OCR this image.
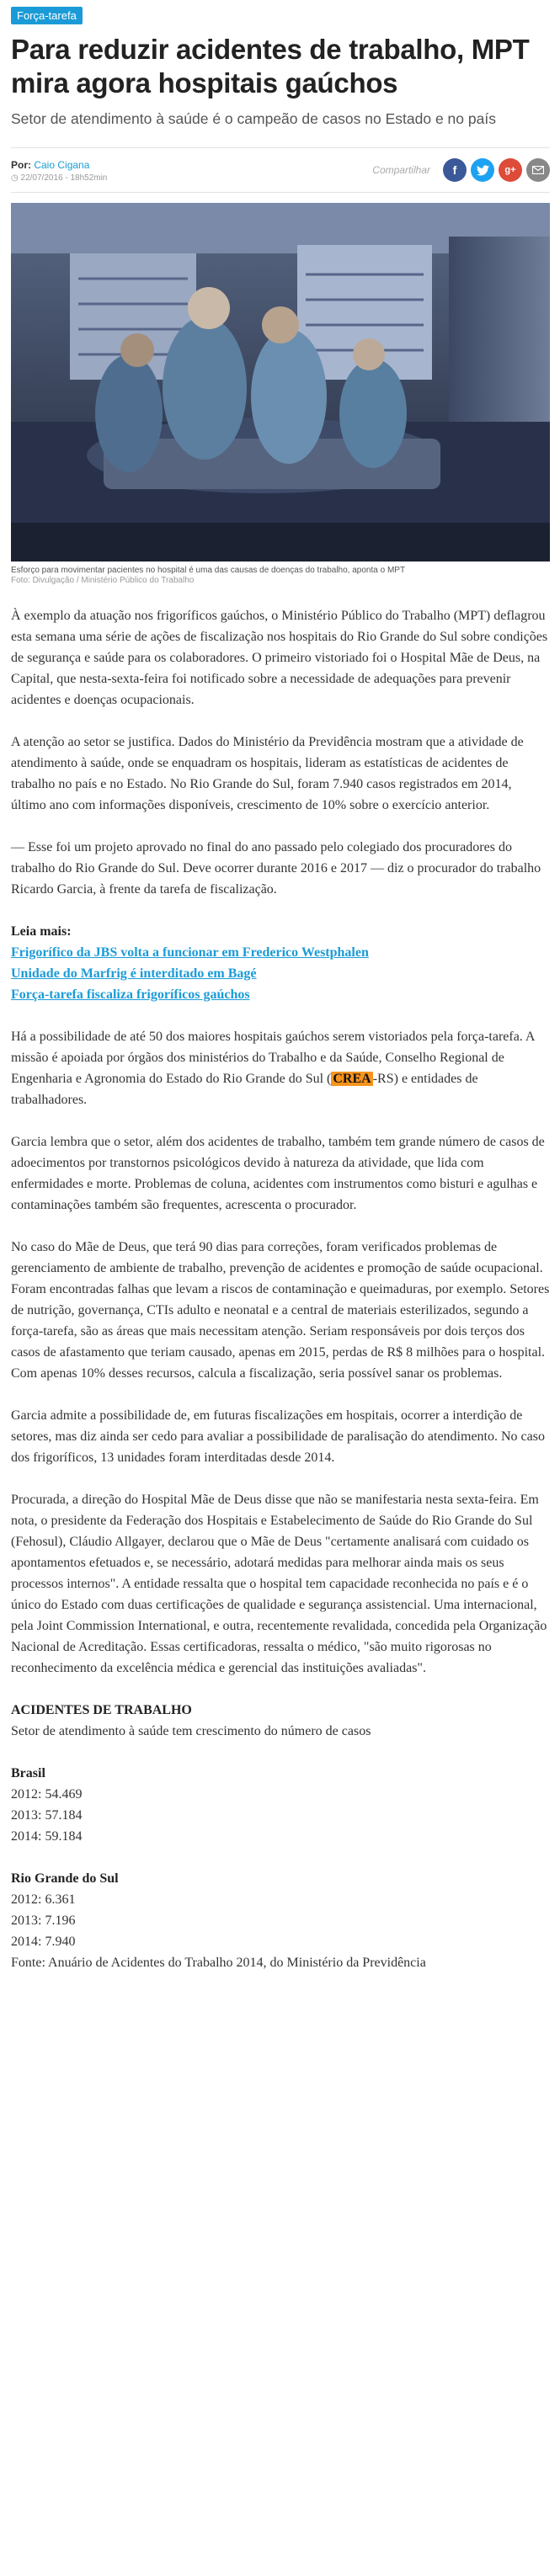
Força-tarefa
Para reduzir acidentes de trabalho, MPT mira agora hospitais gaúchos

Setor de atendimento à saúde é o campeão de casos no Estado e no país

Por: Caio Cigana
◷ 22/07/2016 - 18h52min
Compartilhar	f	g+
Esforço para movimentar pacientes no hospital é uma das causas de doenças do trabalho, aponta o MPT
Foto: Divulgação / Ministério Público do Trabalho

À exemplo da atuação nos frigoríficos gaúchos, o Ministério Público do Trabalho (MPT) deflagrou esta semana uma série de ações de fiscalização nos hospitais do Rio Grande do Sul sobre condições de segurança e saúde para os colaboradores. O primeiro vistoriado foi o Hospital Mãe de Deus, na Capital, que nesta-sexta-feira foi notificado sobre a necessidade de adequações para prevenir acidentes e doenças ocupacionais.

A atenção ao setor se justifica. Dados do Ministério da Previdência mostram que a atividade de atendimento à saúde, onde se enquadram os hospitais, lideram as estatísticas de acidentes de trabalho no país e no Estado. No Rio Grande do Sul, foram 7.940 casos registrados em 2014, último ano com informações disponíveis, crescimento de 10% sobre o exercício anterior.

— Esse foi um projeto aprovado no final do ano passado pelo colegiado dos procuradores do trabalho do Rio Grande do Sul. Deve ocorrer durante 2016 e 2017 — diz o procurador do trabalho Ricardo Garcia, à frente da tarefa de fiscalização.

Leia mais:
Frigorífico da JBS volta a funcionar em Frederico Westphalen
Unidade do Marfrig é interditado em Bagé
Força-tarefa fiscaliza frigoríficos gaúchos

Há a possibilidade de até 50 dos maiores hospitais gaúchos serem vistoriados pela força-tarefa. A missão é apoiada por órgãos dos ministérios do Trabalho e da Saúde, Conselho Regional de Engenharia e Agronomia do Estado do Rio Grande do Sul ( CREA -RS) e entidades de trabalhadores.

Garcia lembra que o setor, além dos acidentes de trabalho, também tem grande número de casos de adoecimentos por transtornos psicológicos devido à natureza da atividade, que lida com enfermidades e morte. Problemas de coluna, acidentes com instrumentos como bisturi e agulhas e contaminações também são frequentes, acrescenta o procurador.

No caso do Mãe de Deus, que terá 90 dias para correções, foram verificados problemas de gerenciamento de ambiente de trabalho, prevenção de acidentes e promoção de saúde ocupacional. Foram encontradas falhas que levam a riscos de contaminação e queimaduras, por exemplo. Setores de nutrição, governança, CTIs adulto e neonatal e a central de materiais esterilizados, segundo a força-tarefa, são as áreas que mais necessitam atenção. Seriam responsáveis por dois terços dos casos de afastamento que teriam causado, apenas em 2015, perdas de R$ 8 milhões para o hospital. Com apenas 10% desses recursos, calcula a fiscalização, seria possível sanar os problemas.

Garcia admite a possibilidade de, em futuras fiscalizações em hospitais, ocorrer a interdição de setores, mas diz ainda ser cedo para avaliar a possibilidade de paralisação do atendimento. No caso dos frigoríficos, 13 unidades foram interditadas desde 2014.

Procurada, a direção do Hospital Mãe de Deus disse que não se manifestaria nesta sexta-feira. Em nota, o presidente da Federação dos Hospitais e Estabelecimento de Saúde do Rio Grande do Sul (Fehosul), Cláudio Allgayer, declarou que o Mãe de Deus "certamente analisará com cuidado os apontamentos efetuados e, se necessário, adotará medidas para melhorar ainda mais os seus processos internos". A entidade ressalta que o hospital tem capacidade reconhecida no país e é o único do Estado com duas certificações de qualidade e segurança assistencial. Uma internacional, pela Joint Commission International, e outra, recentemente revalidada, concedida pela Organização Nacional de Acreditação. Essas certificadoras, ressalta o médico, "são muito rigorosas no reconhecimento da excelência médica e gerencial das instituições avaliadas".

ACIDENTES DE TRABALHO
Setor de atendimento à saúde tem crescimento do número de casos
Brasil
2012: 54.469
2013: 57.184
2014: 59.184
Rio Grande do Sul
2012: 6.361
2013: 7.196
2014: 7.940
Fonte: Anuário de Acidentes do Trabalho 2014, do Ministério da Previdência
